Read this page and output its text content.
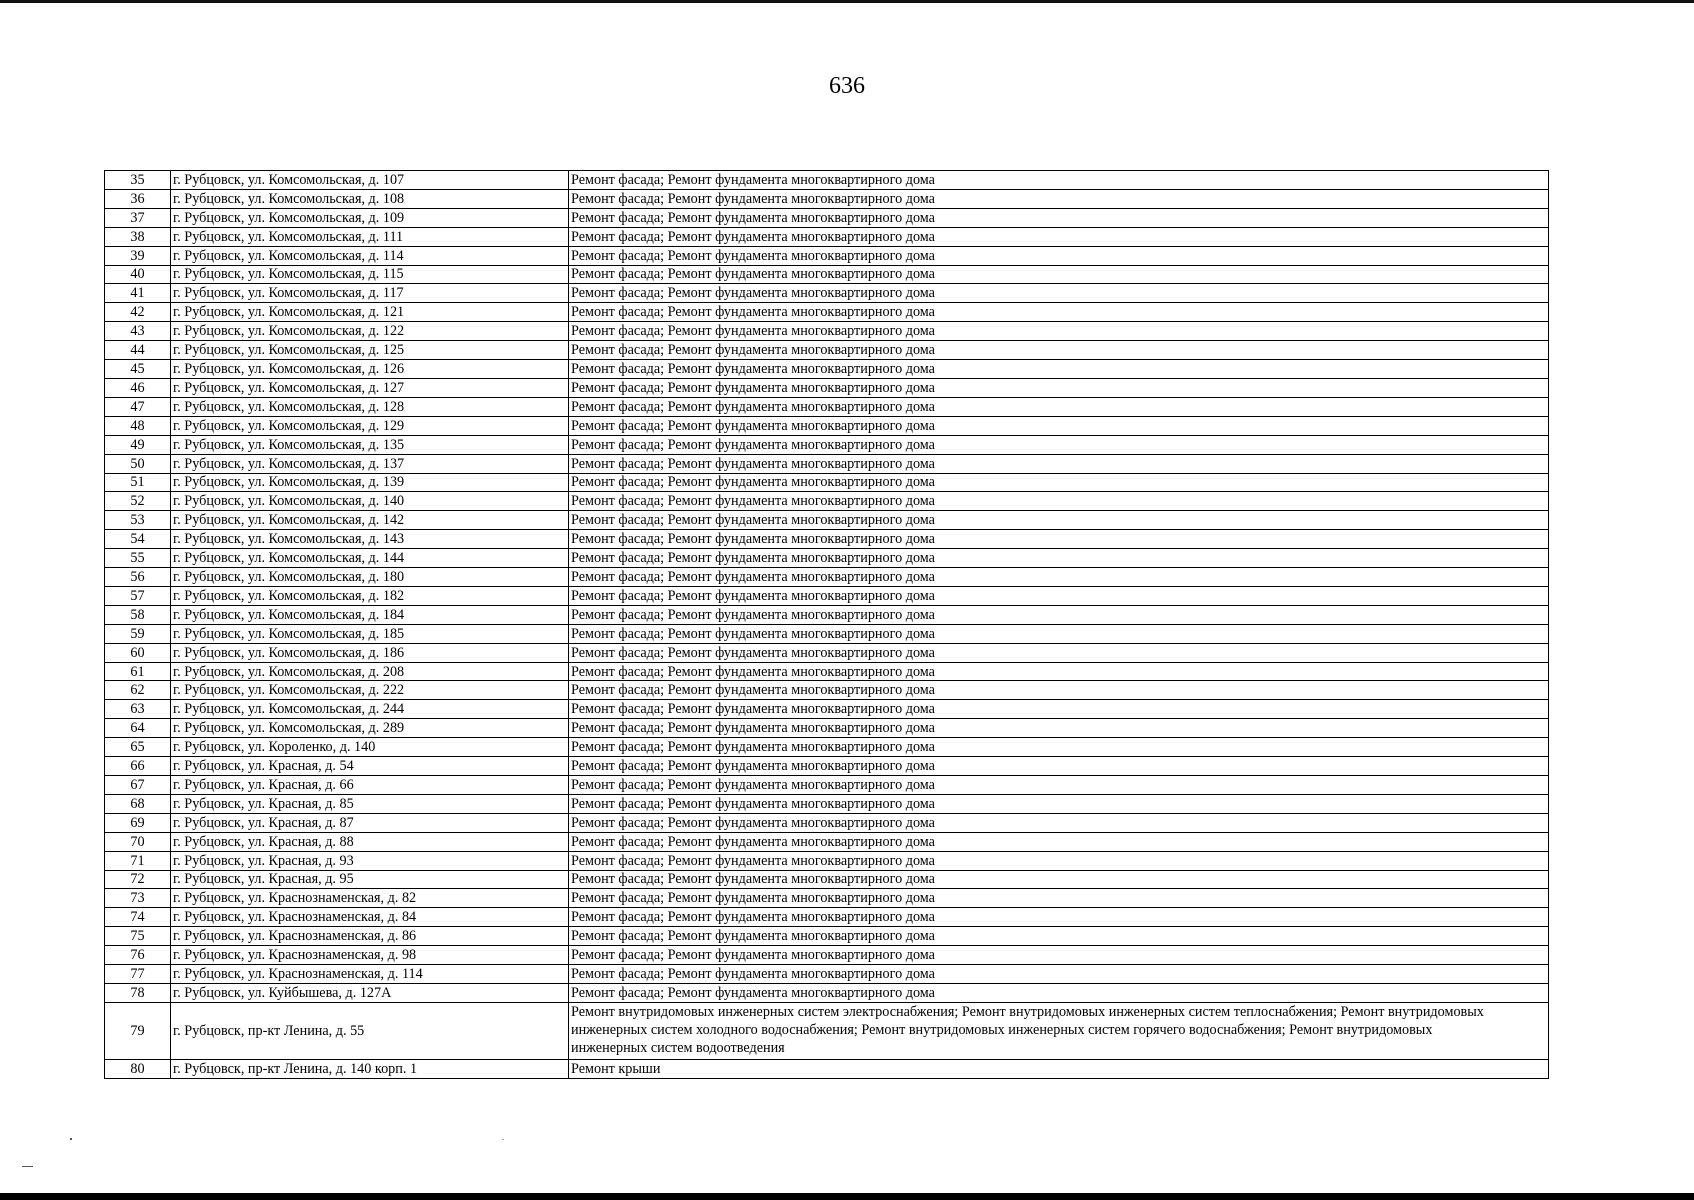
636
35	г. Рубцовск, ул. Комсомольская, д. 107	Ремонт фасада; Ремонт фундамента многоквартирного дома
36	г. Рубцовск, ул. Комсомольская, д. 108	Ремонт фасада; Ремонт фундамента многоквартирного дома
37	г. Рубцовск, ул. Комсомольская, д. 109	Ремонт фасада; Ремонт фундамента многоквартирного дома
38	г. Рубцовск, ул. Комсомольская, д. 111	Ремонт фасада; Ремонт фундамента многоквартирного дома
39	г. Рубцовск, ул. Комсомольская, д. 114	Ремонт фасада; Ремонт фундамента многоквартирного дома
40	г. Рубцовск, ул. Комсомольская, д. 115	Ремонт фасада; Ремонт фундамента многоквартирного дома
41	г. Рубцовск, ул. Комсомольская, д. 117	Ремонт фасада; Ремонт фундамента многоквартирного дома
42	г. Рубцовск, ул. Комсомольская, д. 121	Ремонт фасада; Ремонт фундамента многоквартирного дома
43	г. Рубцовск, ул. Комсомольская, д. 122	Ремонт фасада; Ремонт фундамента многоквартирного дома
44	г. Рубцовск, ул. Комсомольская, д. 125	Ремонт фасада; Ремонт фундамента многоквартирного дома
45	г. Рубцовск, ул. Комсомольская, д. 126	Ремонт фасада; Ремонт фундамента многоквартирного дома
46	г. Рубцовск, ул. Комсомольская, д. 127	Ремонт фасада; Ремонт фундамента многоквартирного дома
47	г. Рубцовск, ул. Комсомольская, д. 128	Ремонт фасада; Ремонт фундамента многоквартирного дома
48	г. Рубцовск, ул. Комсомольская, д. 129	Ремонт фасада; Ремонт фундамента многоквартирного дома
49	г. Рубцовск, ул. Комсомольская, д. 135	Ремонт фасада; Ремонт фундамента многоквартирного дома
50	г. Рубцовск, ул. Комсомольская, д. 137	Ремонт фасада; Ремонт фундамента многоквартирного дома
51	г. Рубцовск, ул. Комсомольская, д. 139	Ремонт фасада; Ремонт фундамента многоквартирного дома
52	г. Рубцовск, ул. Комсомольская, д. 140	Ремонт фасада; Ремонт фундамента многоквартирного дома
53	г. Рубцовск, ул. Комсомольская, д. 142	Ремонт фасада; Ремонт фундамента многоквартирного дома
54	г. Рубцовск, ул. Комсомольская, д. 143	Ремонт фасада; Ремонт фундамента многоквартирного дома
55	г. Рубцовск, ул. Комсомольская, д. 144	Ремонт фасада; Ремонт фундамента многоквартирного дома
56	г. Рубцовск, ул. Комсомольская, д. 180	Ремонт фасада; Ремонт фундамента многоквартирного дома
57	г. Рубцовск, ул. Комсомольская, д. 182	Ремонт фасада; Ремонт фундамента многоквартирного дома
58	г. Рубцовск, ул. Комсомольская, д. 184	Ремонт фасада; Ремонт фундамента многоквартирного дома
59	г. Рубцовск, ул. Комсомольская, д. 185	Ремонт фасада; Ремонт фундамента многоквартирного дома
60	г. Рубцовск, ул. Комсомольская, д. 186	Ремонт фасада; Ремонт фундамента многоквартирного дома
61	г. Рубцовск, ул. Комсомольская, д. 208	Ремонт фасада; Ремонт фундамента многоквартирного дома
62	г. Рубцовск, ул. Комсомольская, д. 222	Ремонт фасада; Ремонт фундамента многоквартирного дома
63	г. Рубцовск, ул. Комсомольская, д. 244	Ремонт фасада; Ремонт фундамента многоквартирного дома
64	г. Рубцовск, ул. Комсомольская, д. 289	Ремонт фасада; Ремонт фундамента многоквартирного дома
65	г. Рубцовск, ул. Короленко, д. 140	Ремонт фасада; Ремонт фундамента многоквартирного дома
66	г. Рубцовск, ул. Красная, д. 54	Ремонт фасада; Ремонт фундамента многоквартирного дома
67	г. Рубцовск, ул. Красная, д. 66	Ремонт фасада; Ремонт фундамента многоквартирного дома
68	г. Рубцовск, ул. Красная, д. 85	Ремонт фасада; Ремонт фундамента многоквартирного дома
69	г. Рубцовск, ул. Красная, д. 87	Ремонт фасада; Ремонт фундамента многоквартирного дома
70	г. Рубцовск, ул. Красная, д. 88	Ремонт фасада; Ремонт фундамента многоквартирного дома
71	г. Рубцовск, ул. Красная, д. 93	Ремонт фасада; Ремонт фундамента многоквартирного дома
72	г. Рубцовск, ул. Красная, д. 95	Ремонт фасада; Ремонт фундамента многоквартирного дома
73	г. Рубцовск, ул. Краснознаменская, д. 82	Ремонт фасада; Ремонт фундамента многоквартирного дома
74	г. Рубцовск, ул. Краснознаменская, д. 84	Ремонт фасада; Ремонт фундамента многоквартирного дома
75	г. Рубцовск, ул. Краснознаменская, д. 86	Ремонт фасада; Ремонт фундамента многоквартирного дома
76	г. Рубцовск, ул. Краснознаменская, д. 98	Ремонт фасада; Ремонт фундамента многоквартирного дома
77	г. Рубцовск, ул. Краснознаменская, д. 114	Ремонт фасада; Ремонт фундамента многоквартирного дома
78	г. Рубцовск, ул. Куйбышева, д. 127А	Ремонт фасада; Ремонт фундамента многоквартирного дома
79	г. Рубцовск, пр-кт Ленина, д. 55	Ремонт внутридомовых инженерных систем электроснабжения; Ремонт внутридомовых инженерных систем теплоснабжения; Ремонт внутридомовых инженерных систем холодного водоснабжения; Ремонт внутридомовых инженерных систем горячего водоснабжения; Ремонт внутридомовых инженерных систем водоотведения
80	г. Рубцовск, пр-кт Ленина, д. 140 корп. 1	Ремонт крыши
